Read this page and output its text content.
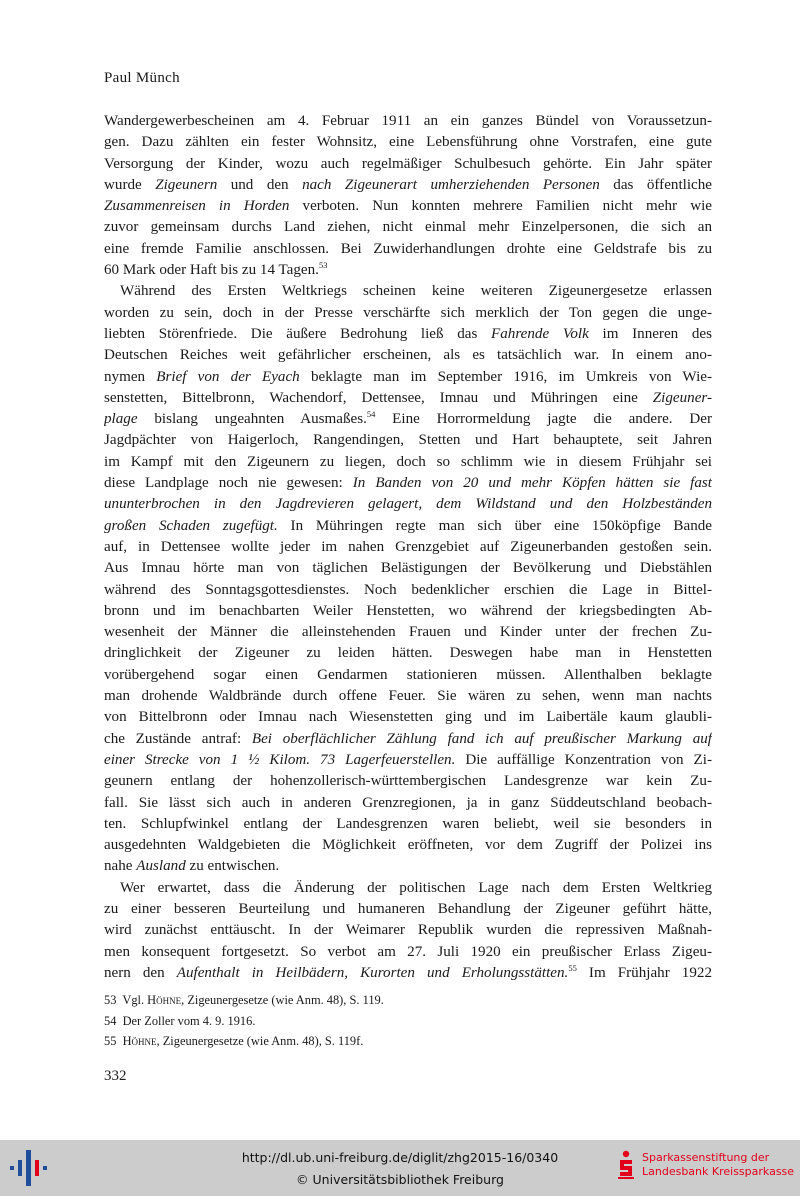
Paul Münch
Wandergewerbescheinen am 4. Februar 1911 an ein ganzes Bündel von Voraussetzun-
gen. Dazu zählten ein fester Wohnsitz, eine Lebensführung ohne Vorstrafen, eine gute
Versorgung der Kinder, wozu auch regelmäßiger Schulbesuch gehörte. Ein Jahr später
wurde Zigeunern und den nach Zigeunerart umherziehenden Personen das öffentliche
Zusammenreisen in Horden verboten. Nun konnten mehrere Familien nicht mehr wie
zuvor gemeinsam durchs Land ziehen, nicht einmal mehr Einzelpersonen, die sich an
eine fremde Familie anschlossen. Bei Zuwiderhandlungen drohte eine Geldstrafe bis zu
60 Mark oder Haft bis zu 14 Tagen.$^{53}$
Während des Ersten Weltkriegs scheinen keine weiteren Zigeunergesetze erlassen
worden zu sein, doch in der Presse verschärfte sich merklich der Ton gegen die unge-
liebten Störenfriede. Die äußere Bedrohung ließ das Fahrende Volk im Inneren des
Deutschen Reiches weit gefährlicher erscheinen, als es tatsächlich war. In einem ano-
nymen Brief von der Eyach beklagte man im September 1916, im Umkreis von Wie-
senstetten, Bittelbronn, Wachendorf, Dettensee, Imnau und Mühringen eine Zigeuner-
plage bislang ungeahnten Ausmaßes.$^{54}$ Eine Horrormeldung jagte die andere. Der
Jagdpächter von Haigerloch, Rangendingen, Stetten und Hart behauptete, seit Jahren
im Kampf mit den Zigeunern zu liegen, doch so schlimm wie in diesem Frühjahr sei
diese Landplage noch nie gewesen: In Banden von 20 und mehr Köpfen hätten sie fast
ununterbrochen in den Jagdrevieren gelagert, dem Wildstand und den Holzbeständen
großen Schaden zugefügt. In Mühringen regte man sich über eine 150köpfige Bande
auf, in Dettensee wollte jeder im nahen Grenzgebiet auf Zigeunerbanden gestoßen sein.
Aus Imnau hörte man von täglichen Belästigungen der Bevölkerung und Diebstählen
während des Sonntagsgottesdienstes. Noch bedenklicher erschien die Lage in Bittel-
bronn und im benachbarten Weiler Henstetten, wo während der kriegsbedingten Ab-
wesenheit der Männer die alleinstehenden Frauen und Kinder unter der frechen Zu-
dringlichkeit der Zigeuner zu leiden hätten. Deswegen habe man in Henstetten
vorübergehend sogar einen Gendarmen stationieren müssen. Allenthalben beklagte
man drohende Waldbrände durch offene Feuer. Sie wären zu sehen, wenn man nachts
von Bittelbronn oder Imnau nach Wiesenstetten ging und im Laibertäle kaum glaubli-
che Zustände antraf: Bei oberflächlicher Zählung fand ich auf preußischer Markung auf
einer Strecke von 1 ½ Kilom. 73 Lagerfeuerstellen. Die auffällige Konzentration von Zi-
geunern entlang der hohenzollerisch-württembergischen Landesgrenze war kein Zu-
fall. Sie lässt sich auch in anderen Grenzregionen, ja in ganz Süddeutschland beobach-
ten. Schlupfwinkel entlang der Landesgrenzen waren beliebt, weil sie besonders in
ausgedehnten Waldgebieten die Möglichkeit eröffneten, vor dem Zugriff der Polizei ins
nahe Ausland zu entwischen.
Wer erwartet, dass die Änderung der politischen Lage nach dem Ersten Weltkrieg
zu einer besseren Beurteilung und humaneren Behandlung der Zigeuner geführt hätte,
wird zunächst enttäuscht. In der Weimarer Republik wurden die repressiven Maßnah-
men konsequent fortgesetzt. So verbot am 27. Juli 1920 ein preußischer Erlass Zigeu-
nern den Aufenthalt in Heilbädern, Kurorten und Erholungsstätten.$^{55}$ Im Frühjahr 1922
53 Vgl. Höhne, Zigeunergesetze (wie Anm. 48), S. 119.
54 Der Zoller vom 4. 9. 1916.
55 Höhne, Zigeunergesetze (wie Anm. 48), S. 119f.
332
http://dl.ub.uni-freiburg.de/diglit/zhg2015-16/0340
© Universitätsbibliothek Freiburg
Sparkassenstiftung der
Landesbank Kreissparkasse
